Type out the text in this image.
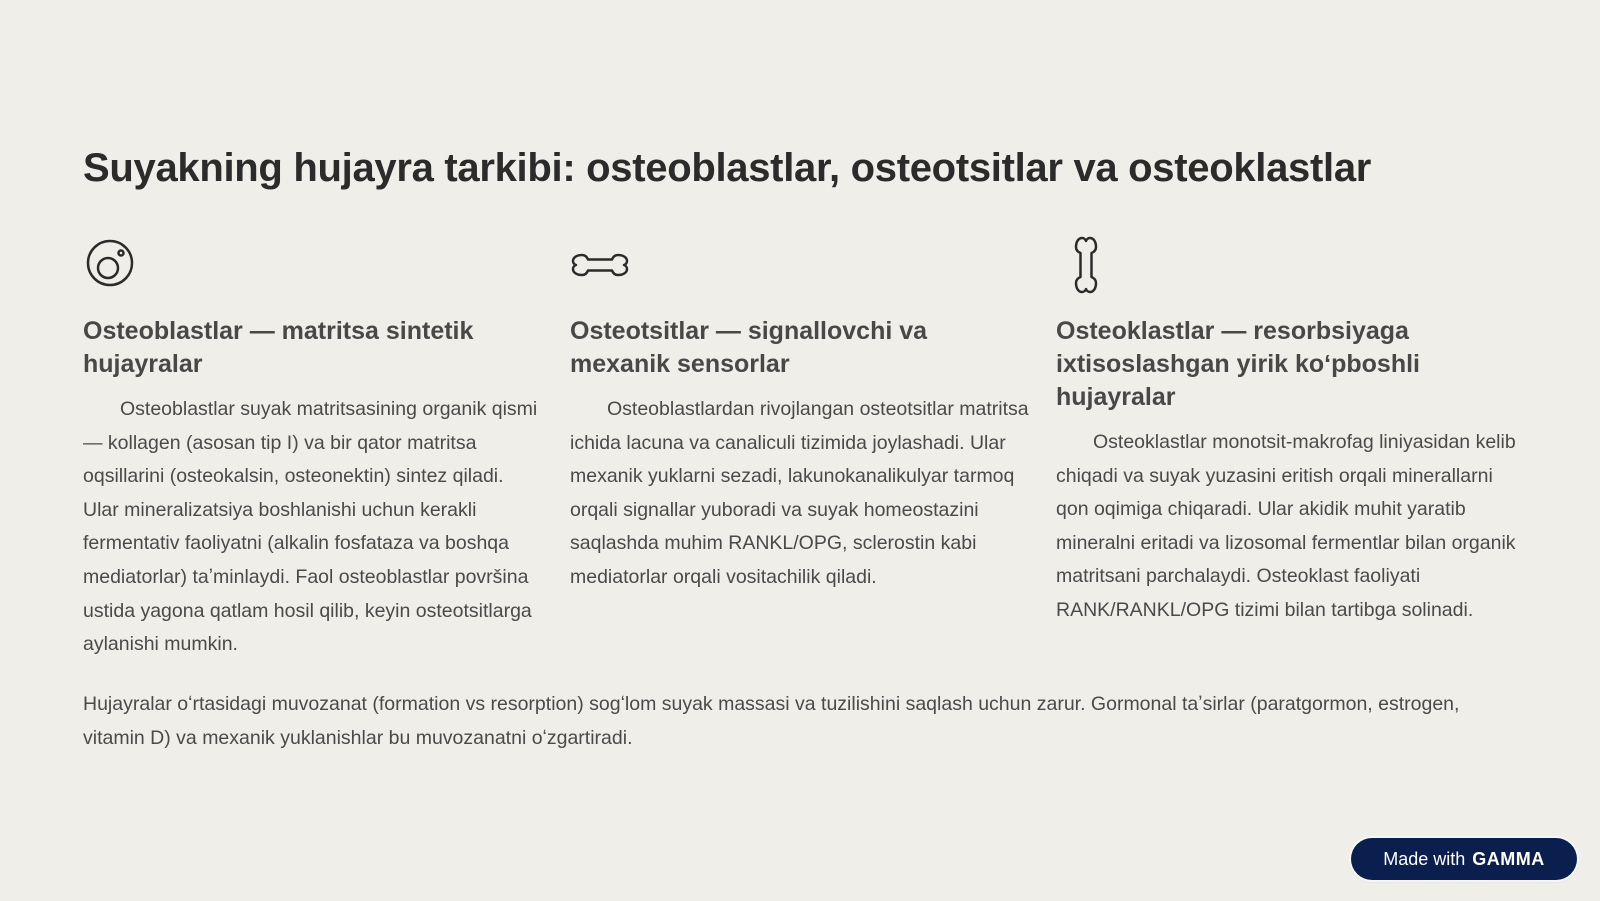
Suyakning hujayra tarkibi: osteoblastlar, osteotsitlar va osteoklastlar
Osteoblastlar — matritsa sintetik hujayralar

Osteoblastlar suyak matritsasining organik qismi — kollagen (asosan tip I) va bir qator matritsa oqsillarini (osteokalsin, osteonektin) sintez qiladi. Ular mineralizatsiya boshlanishi uchun kerakli fermentativ faoliyatni (alkalin fosfataza va boshqa mediatorlar) taʼminlaydi. Faol osteoblastlar površina ustida yagona qatlam hosil qilib, keyin osteotsitlarga aylanishi mumkin.

Osteotsitlar — signallovchi va mexanik sensorlar

Osteoblastlardan rivojlangan osteotsitlar matritsa ichida lacuna va canaliculi tizimida joylashadi. Ular mexanik yuklarni sezadi, lakunokanalikulyar tarmoq orqali signallar yuboradi va suyak homeostazini saqlashda muhim RANKL/OPG, sclerostin kabi mediatorlar orqali vositachilik qiladi.

Osteoklastlar — resorbsiyaga ixtisoslashgan yirik koʻpboshli hujayralar

Osteoklastlar monotsit-makrofag liniyasidan kelib chiqadi va suyak yuzasini eritish orqali minerallarni qon oqimiga chiqaradi. Ular akidik muhit yaratib mineralni eritadi va lizosomal fermentlar bilan organik matritsani parchalaydi. Osteoklast faoliyati RANK/RANKL/OPG tizimi bilan tartibga solinadi.

Hujayralar oʻrtasidagi muvozanat (formation vs resorption) sogʻlom suyak massasi va tuzilishini saqlash uchun zarur. Gormonal taʼsirlar (paratgormon, estrogen, vitamin D) va mexanik yuklanishlar bu muvozanatni oʻzgartiradi.

Made with GAMMA
